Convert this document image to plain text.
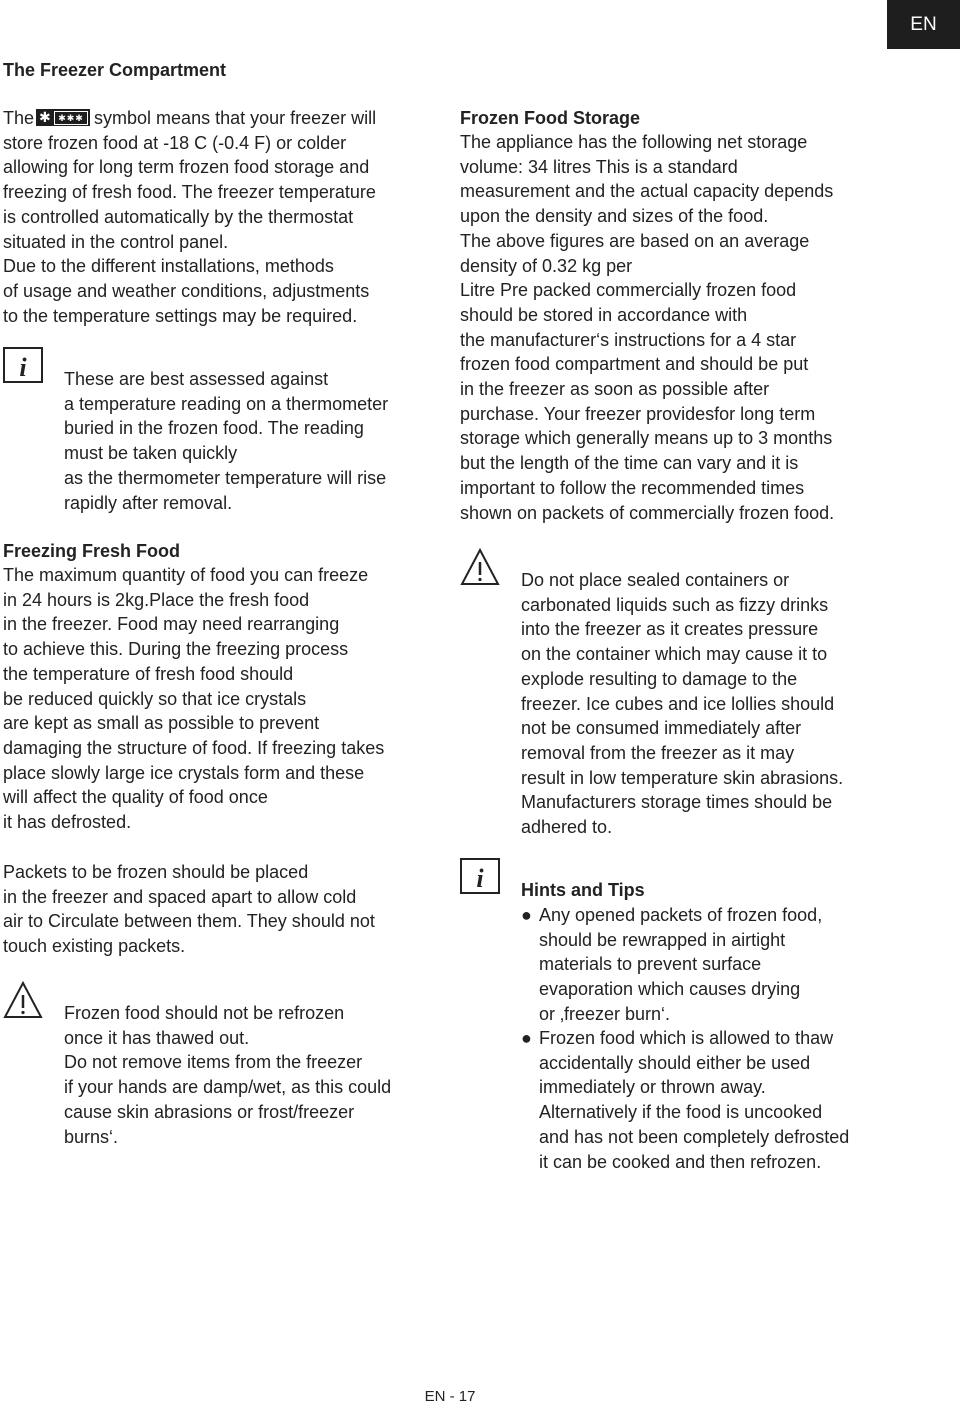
EN
The Freezer Compartment
The ✱ ✱✱✱ symbol means that your freezer will
store frozen food at -18 C (-0.4 F) or colder
allowing for long term frozen food storage and
freezing of fresh food. The freezer temperature
is controlled automatically by the thermostat
situated in the control panel.
Due to the different installations, methods
of usage and weather conditions, adjustments
to the temperature settings may be required.
i These are best assessed against
a temperature reading on a thermometer
buried in the frozen food. The reading
must be taken quickly
as the thermometer temperature will rise
rapidly after removal.
Freezing Fresh Food
The maximum quantity of food you can freeze
in 24 hours is 2kg.Place the fresh food
in the freezer. Food may need rearranging
to achieve this. During the freezing process
the temperature of fresh food should
be reduced quickly so that ice crystals
are kept as small as possible to prevent
damaging the structure of food. If freezing takes
place slowly large ice crystals form and these
will affect the quality of food once
it has defrosted.
Packets to be frozen should be placed
in the freezer and spaced apart to allow cold
air to Circulate between them. They should not
touch existing packets.
Frozen food should not be refrozen
once it has thawed out.
Do not remove items from the freezer
if your hands are damp/wet, as this could
cause skin abrasions or frost/freezer
burns‘.
Frozen Food Storage
The appliance has the following net storage
volume: 34 litres This is a standard
measurement and the actual capacity depends
upon the density and sizes of the food.
The above figures are based on an average
density of 0.32 kg per
Litre Pre packed commercially frozen food
should be stored in accordance with
the manufacturer‘s instructions for a 4 star
frozen food compartment and should be put
in the freezer as soon as possible after
purchase. Your freezer providesfor long term
storage which generally means up to 3 months
but the length of the time can vary and it is
important to follow the recommended times
shown on packets of commercially frozen food.
Do not place sealed containers or
carbonated liquids such as fizzy drinks
into the freezer as it creates pressure
on the container which may cause it to
explode resulting to damage to the
freezer. Ice cubes and ice lollies should
not be consumed immediately after
removal from the freezer as it may
result in low temperature skin abrasions.
Manufacturers storage times should be
adhered to.
i Hints and Tips
● Any opened packets of frozen food,
should be rewrapped in airtight
materials to prevent surface
evaporation which causes drying
or ‚freezer burn‘.
● Frozen food which is allowed to thaw
accidentally should either be used
immediately or thrown away.
Alternatively if the food is uncooked
and has not been completely defrosted
it can be cooked and then refrozen.
EN - 17
